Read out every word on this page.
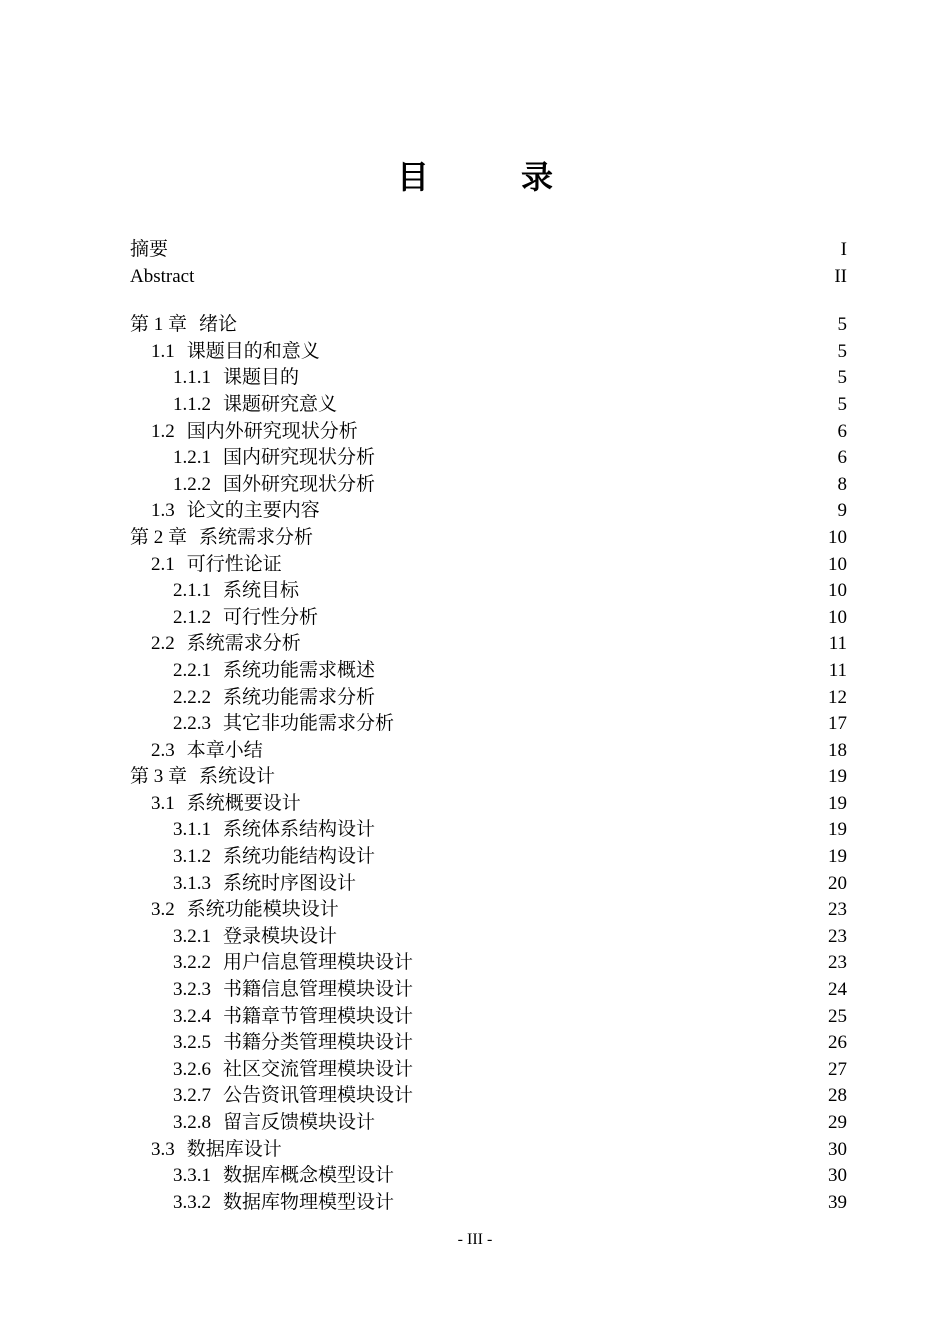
目　录
摘要	I
Abstract	II
第 1 章 绪论	5
1.1 课题目的和意义	5
1.1.1 课题目的	5
1.1.2 课题研究意义	5
1.2 国内外研究现状分析	6
1.2.1 国内研究现状分析	6
1.2.2 国外研究现状分析	8
1.3 论文的主要内容	9
第 2 章 系统需求分析	10
2.1 可行性论证	10
2.1.1 系统目标	10
2.1.2 可行性分析	10
2.2 系统需求分析	11
2.2.1 系统功能需求概述	11
2.2.2 系统功能需求分析	12
2.2.3 其它非功能需求分析	17
2.3 本章小结	18
第 3 章 系统设计	19
3.1 系统概要设计	19
3.1.1 系统体系结构设计	19
3.1.2 系统功能结构设计	19
3.1.3 系统时序图设计	20
3.2 系统功能模块设计	23
3.2.1 登录模块设计	23
3.2.2 用户信息管理模块设计	23
3.2.3 书籍信息管理模块设计	24
3.2.4 书籍章节管理模块设计	25
3.2.5 书籍分类管理模块设计	26
3.2.6 社区交流管理模块设计	27
3.2.7 公告资讯管理模块设计	28
3.2.8 留言反馈模块设计	29
3.3 数据库设计	30
3.3.1 数据库概念模型设计	30
3.3.2 数据库物理模型设计	39
- III -
